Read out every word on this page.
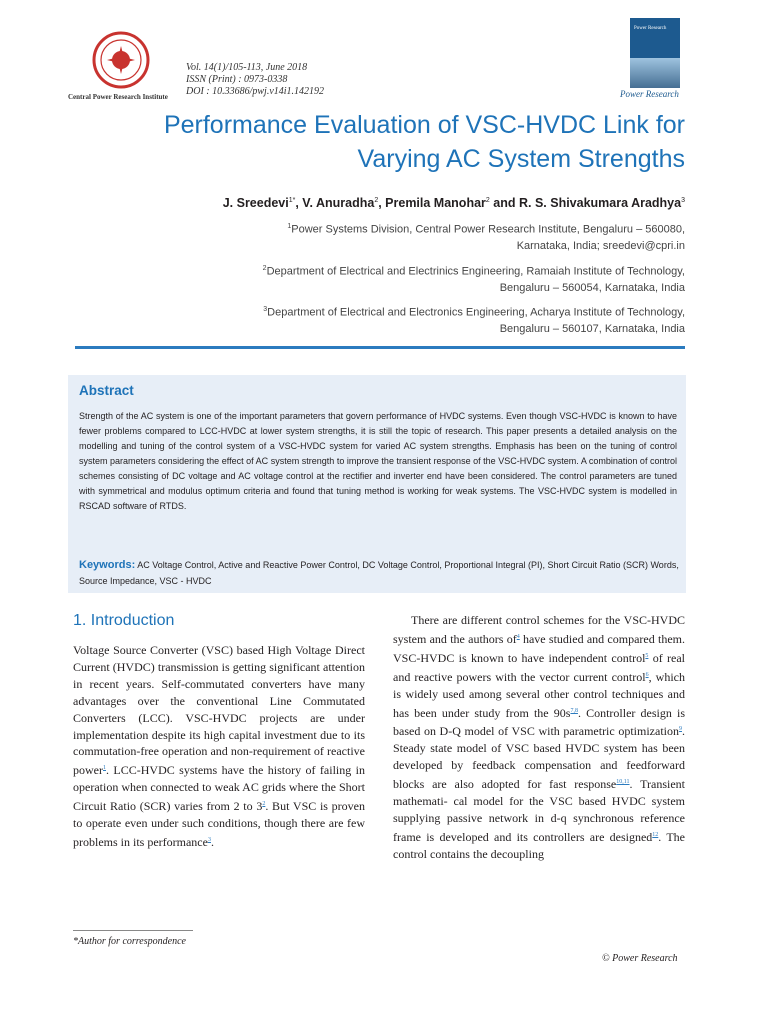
Central Power Research Institute
Vol. 14(1)/105-113, June 2018
ISSN (Print) : 0973-0338
DOI : 10.33686/pwj.v14i1.142192
Power Research
Power Research
Performance Evaluation of VSC-HVDC Link for
Varying AC System Strengths
J. Sreedevi$^{1*}$, V. Anuradha$^2$, Premila Manohar$^2$ and R. S. Shivakumara Aradhya$^3$
$^1$Power Systems Division, Central Power Research Institute, Bengaluru – 560080,
Karnataka, India; sreedevi@cpri.in
$^2$Department of Electrical and Electrinics Engineering, Ramaiah Institute of Technology,
Bengaluru – 560054, Karnataka, India
$^3$Department of Electrical and Electronics Engineering, Acharya Institute of Technology,
Bengaluru – 560107, Karnataka, India
Abstract
Strength of the AC system is one of the important parameters that govern performance of HVDC systems. Even though VSC-HVDC is known to have fewer problems compared to LCC-HVDC at lower system strengths, it is still the topic of research. This paper presents a detailed analysis on the modelling and tuning of the control system of a VSC-HVDC system for varied AC system strengths. Emphasis has been on the tuning of control system parameters considering the effect of AC system strength to improve the transient response of the VSC-HVDC system. A combination of control schemes consisting of DC voltage and AC voltage control at the rectifier and inverter end have been considered. The control parameters are tuned with symmetrical and modulus optimum criteria and found that tuning method is working for weak systems. The VSC-HVDC system is modelled in RSCAD software of RTDS.
Keywords: AC Voltage Control, Active and Reactive Power Control, DC Voltage Control, Proportional Integral (PI), Short Circuit Ratio (SCR) Words, Source Impedance, VSC - HVDC
1. Introduction
Voltage Source Converter (VSC) based High Voltage Direct Current (HVDC) transmission is getting significant attention in recent years. Self-commutated converters have many advantages over the conventional Line Commutated Converters (LCC). VSC-HVDC projects are under implementation despite its high capital investment due to its commutation-free operation and non-requirement of reactive power$^1$. LCC-HVDC systems have the history of failing in operation when connected to weak AC grids where the Short Circuit Ratio (SCR) varies from 2 to $3^2$. But VSC is proven to operate even under such conditions, though there are few problems in its performance$^3$.
There are different control schemes for the VSC-HVDC system and the authors $of^4$ have studied and compared them. VSC-HVDC is known to have independent control$^5$ of real and reactive powers with the vector current control$^6$, which is widely used among several other control techniques and has been under study from the $90s^{7,8}$. Controller design is based on D-Q model of VSC with parametric optimization$^9$. Steady state model of VSC based HVDC system has been developed by feedback compensation and feedforward blocks are also adopted for fast response$^{10,11}$. Transient mathemati- cal model for the VSC based HVDC system supplying passive network in d-q synchronous reference frame is developed and its controllers are designed$^{12}$. The control contains the decoupling
*Author for correspondence
© Power Research
